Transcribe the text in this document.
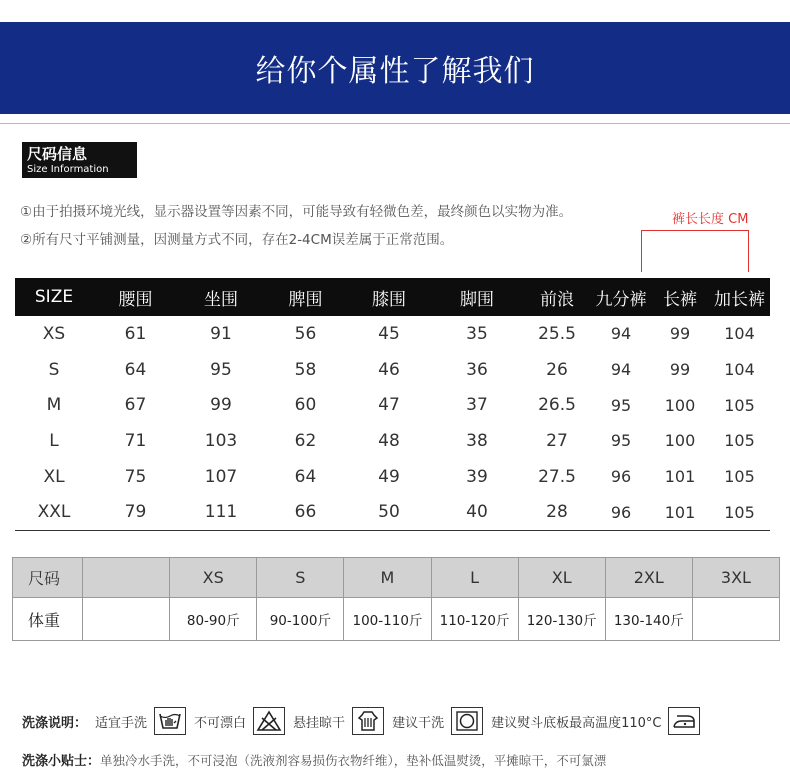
给你个属性了解我们
尺码信息
Size Information
①由于拍摄环境光线，显示器设置等因素不同，可能导致有轻微色差，最终颜色以实物为准。
②所有尺寸平铺测量，因测量方式不同，存在2-4CM误差属于正常范围。
裤长长度 CM
SIZE	腰围	坐围	脾围	膝围	脚围	前浪	九分裤	长裤	加长裤
XS	61	91	56	45	35	25.5	94	99	104
S	64	95	58	46	36	26	94	99	104
M	67	99	60	47	37	26.5	95	100	105
L	71	103	62	48	38	27	95	100	105
XL	75	107	64	49	39	27.5	96	101	105
XXL	79	111	66	50	40	28	96	101	105
尺码		XS	S	M	L	XL	2XL	3XL
体重		80-90斤	90-100斤	100-110斤	110-120斤	120-130斤	130-140斤	
洗涤说明： 适宜手洗	不可漂白	悬挂晾干	建议干洗	建议熨斗底板最高温度110°C
洗涤小贴士：单独冷水手洗，不可浸泡（洗液剂容易损伤衣物纤维），垫补低温熨烫，平摊晾干，不可氯漂
